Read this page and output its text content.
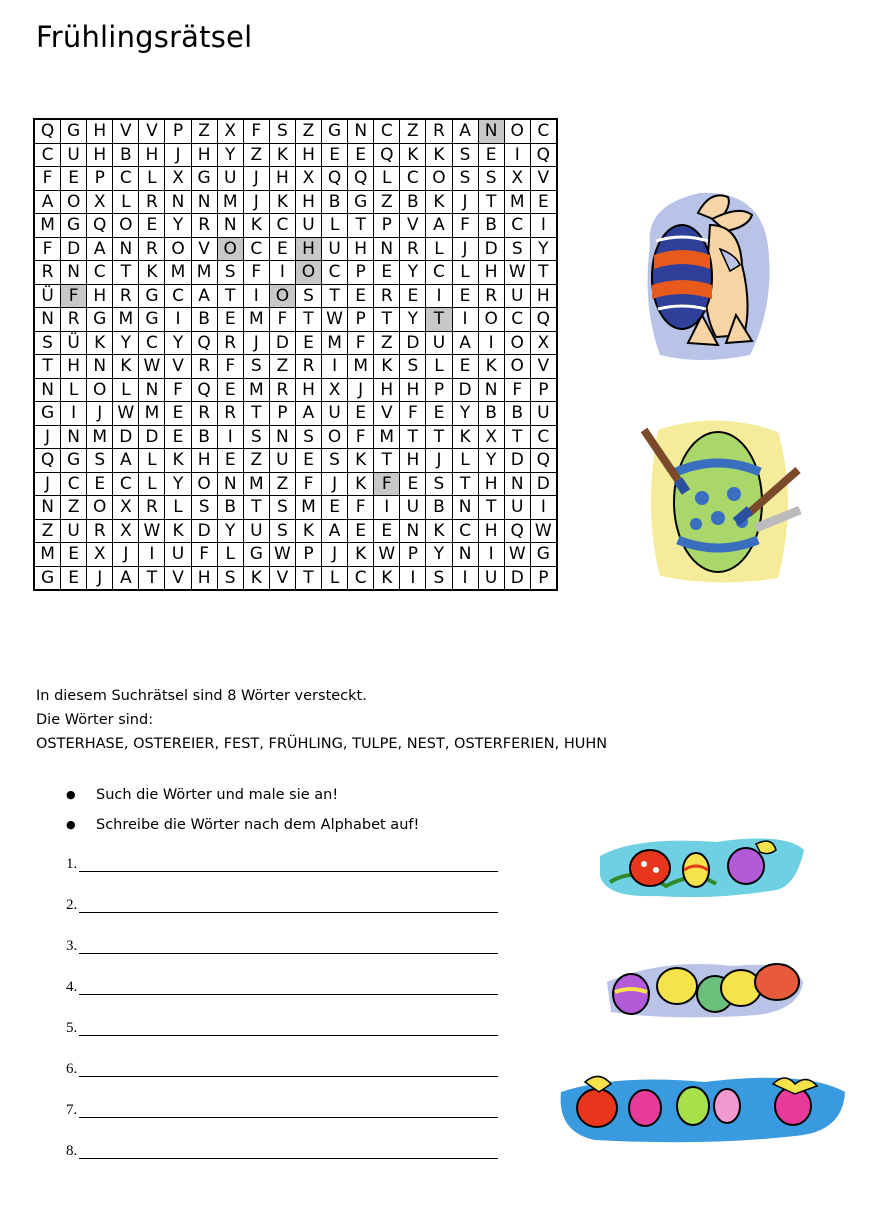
Frühlingsrätsel
Q	G	H	V	V	P	Z	X	F	S	Z	G	N	C	Z	R	A	N	O	C
C	U	H	B	H	J	H	Y	Z	K	H	E	E	Q	K	K	S	E	I	Q
F	E	P	C	L	X	G	U	J	H	X	Q	Q	L	C	O	S	S	X	V
A	O	X	L	R	N	N	M	J	K	H	B	G	Z	B	K	J	T	M	E
M	G	Q	O	E	Y	R	N	K	C	U	L	T	P	V	A	F	B	C	I
F	D	A	N	R	O	V	O	C	E	H	U	H	N	R	L	J	D	S	Y
R	N	C	T	K	M	M	S	F	I	O	C	P	E	Y	C	L	H	W	T
Ü	F	H	R	G	C	A	T	I	O	S	T	E	R	E	I	E	R	U	H
N	R	G	M	G	I	B	E	M	F	T	W	P	T	Y	T	I	O	C	Q
S	Ü	K	Y	C	Y	Q	R	J	D	E	M	F	Z	D	U	A	I	O	X
T	H	N	K	W	V	R	F	S	Z	R	I	M	K	S	L	E	K	O	V
N	L	O	L	N	F	Q	E	M	R	H	X	J	H	H	P	D	N	F	P
G	I	J	W	M	E	R	R	T	P	A	U	E	V	F	E	Y	B	B	U
J	N	M	D	D	E	B	I	S	N	S	O	F	M	T	T	K	X	T	C
Q	G	S	A	L	K	H	E	Z	U	E	S	K	T	H	J	L	Y	D	Q
J	C	E	C	L	Y	O	N	M	Z	F	J	K	F	E	S	T	H	N	D
N	Z	O	X	R	L	S	B	T	S	M	E	F	I	U	B	N	T	U	I
Z	U	R	X	W	K	D	Y	U	S	K	A	E	E	N	K	C	H	Q	W
M	E	X	J	I	U	F	L	G	W	P	J	K	W	P	Y	N	I	W	G
G	E	J	A	T	V	H	S	K	V	T	L	C	K	I	S	I	U	D	P
In diesem Suchrätsel sind 8 Wörter versteckt.
Die Wörter sind:
OSTERHASE, OSTEREIER, FEST, FRÜHLING, TULPE, NEST, OSTERFERIEN, HUHN
● Such die Wörter und male sie an!
● Schreibe die Wörter nach dem Alphabet auf!
1.
2.
3.
4.
5.
6.
7.
8.
